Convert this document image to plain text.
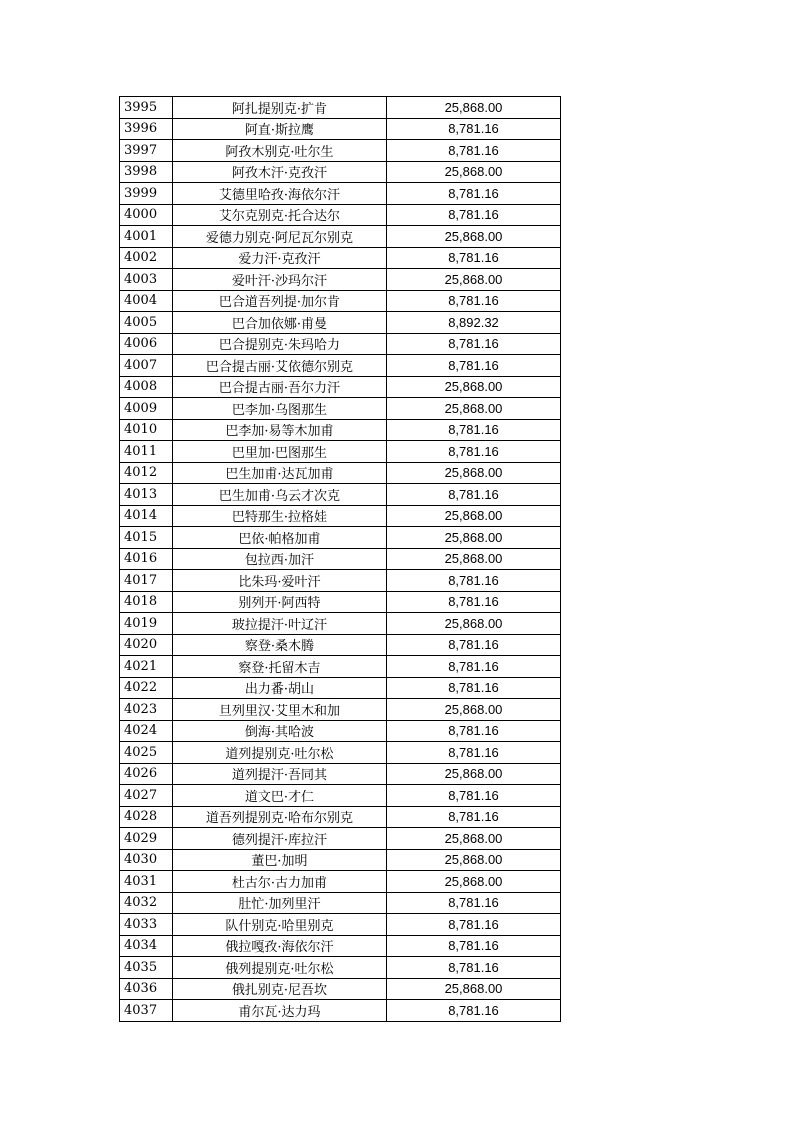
3995	阿扎提别克·扩肯	25,868.00
3996	阿直·斯拉鹰	8,781.16
3997	阿孜木别克·吐尔生	8,781.16
3998	阿孜木汗·克孜汗	25,868.00
3999	艾德里哈孜·海依尔汗	8,781.16
4000	艾尔克别克·托合达尔	8,781.16
4001	爱德力别克·阿尼瓦尔别克	25,868.00
4002	爱力汗·克孜汗	8,781.16
4003	爱叶汗·沙玛尔汗	25,868.00
4004	巴合道吾列提·加尔肯	8,781.16
4005	巴合加依娜·甫曼	8,892.32
4006	巴合提别克·朱玛哈力	8,781.16
4007	巴合提古丽·艾依德尔别克	8,781.16
4008	巴合提古丽·吾尔力汗	25,868.00
4009	巴李加·乌图那生	25,868.00
4010	巴李加·易等木加甫	8,781.16
4011	巴里加·巴图那生	8,781.16
4012	巴生加甫·达瓦加甫	25,868.00
4013	巴生加甫·乌云才次克	8,781.16
4014	巴特那生·拉格娃	25,868.00
4015	巴依·帕格加甫	25,868.00
4016	包拉西·加汗	25,868.00
4017	比朱玛·爱叶汗	8,781.16
4018	别列开·阿西特	8,781.16
4019	玻拉提汗·叶辽汗	25,868.00
4020	察登·桑木腾	8,781.16
4021	察登·托留木吉	8,781.16
4022	出力番·胡山	8,781.16
4023	旦列里汉·艾里木和加	25,868.00
4024	倒海·其哈波	8,781.16
4025	道列提别克·吐尔松	8,781.16
4026	道列提汗·吾同其	25,868.00
4027	道文巴·才仁	8,781.16
4028	道吾列提别克·哈布尔别克	8,781.16
4029	德列提汗·库拉汗	25,868.00
4030	董巴·加明	25,868.00
4031	杜古尔·古力加甫	25,868.00
4032	肚忙·加列里汗	8,781.16
4033	队什别克·哈里别克	8,781.16
4034	俄拉嘎孜·海依尔汗	8,781.16
4035	俄列提别克·吐尔松	8,781.16
4036	俄扎别克·尼吾坎	25,868.00
4037	甫尔瓦·达力玛	8,781.16
